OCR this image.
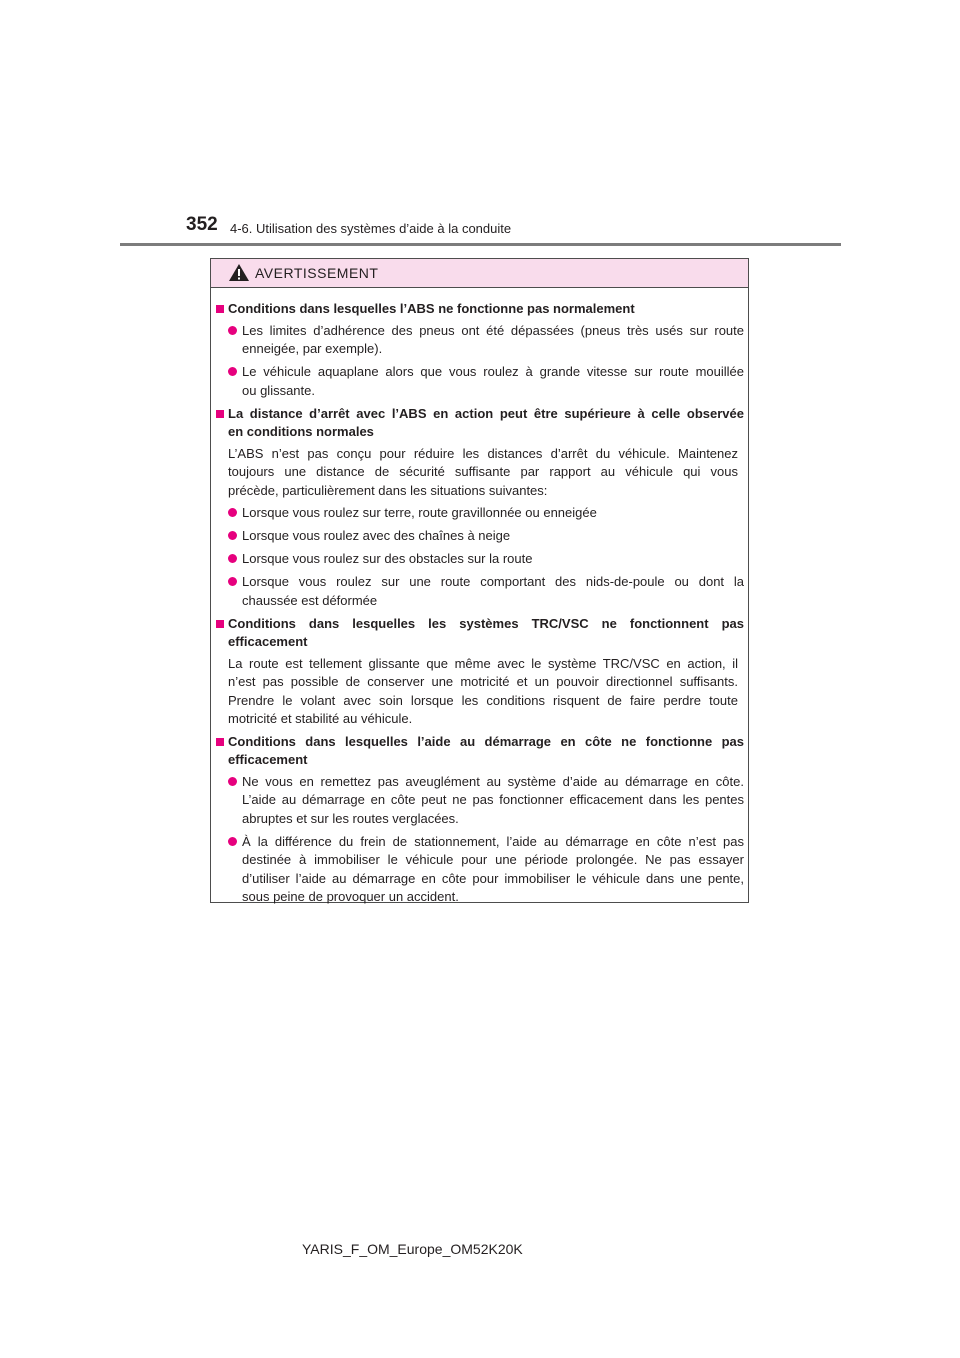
352 4-6. Utilisation des systèmes d’aide à la conduite
AVERTISSEMENT
Conditions dans lesquelles l’ABS ne fonctionne pas normalement
Les limites d’adhérence des pneus ont été dépassées (pneus très usés sur route
enneigée, par exemple).
Le véhicule aquaplane alors que vous roulez à grande vitesse sur route mouillée
ou glissante.
La distance d’arrêt avec l’ABS en action peut être supérieure à celle observée
en conditions normales
L’ABS n’est pas conçu pour réduire les distances d’arrêt du véhicule. Maintenez
toujours une distance de sécurité suffisante par rapport au véhicule qui vous
précède, particulièrement dans les situations suivantes:
Lorsque vous roulez sur terre, route gravillonnée ou enneigée
Lorsque vous roulez avec des chaînes à neige
Lorsque vous roulez sur des obstacles sur la route
Lorsque vous roulez sur une route comportant des nids-de-poule ou dont la
chaussée est déformée
Conditions dans lesquelles les systèmes TRC/VSC ne fonctionnent pas
efficacement
La route est tellement glissante que même avec le système TRC/VSC en action, il
n’est pas possible de conserver une motricité et un pouvoir directionnel suffisants.
Prendre le volant avec soin lorsque les conditions risquent de faire perdre toute
motricité et stabilité au véhicule.
Conditions dans lesquelles l’aide au démarrage en côte ne fonctionne pas
efficacement
Ne vous en remettez pas aveuglément au système d’aide au démarrage en côte.
L’aide au démarrage en côte peut ne pas fonctionner efficacement dans les pentes
abruptes et sur les routes verglacées.
À la différence du frein de stationnement, l’aide au démarrage en côte n’est pas
destinée à immobiliser le véhicule pour une période prolongée. Ne pas essayer
d’utiliser l’aide au démarrage en côte pour immobiliser le véhicule dans une pente,
sous peine de provoquer un accident.
YARIS_F_OM_Europe_OM52K20K
